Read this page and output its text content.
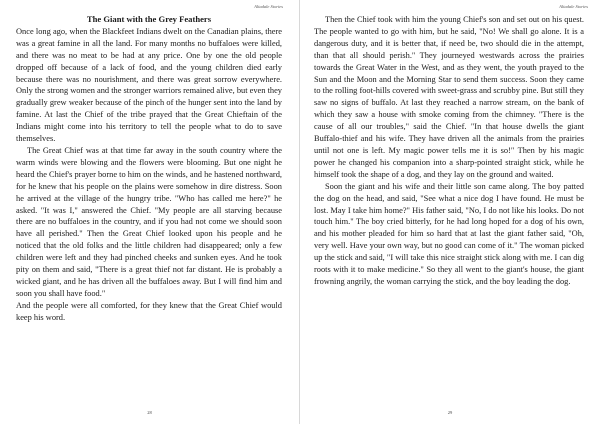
Aliadale Stories

The Giant with the Grey Feathers

Once long ago, when the Blackfeet Indians dwelt on the Canadian plains, there was a great famine in all the land. For many months no buffaloes were killed, and there was no meat to be had at any price. One by one the old people dropped off because of a lack of food, and the young children died early because there was no nourishment, and there was great sorrow everywhere. Only the strong women and the stronger warriors remained alive, but even they gradually grew weaker because of the pinch of the hunger sent into the land by famine. At last the Chief of the tribe prayed that the Great Chieftain of the Indians might come into his territory to tell the people what to do to save themselves.

The Great Chief was at that time far away in the south country where the warm winds were blowing and the flowers were blooming. But one night he heard the Chief's prayer borne to him on the winds, and he hastened northward, for he knew that his people on the plains were somehow in dire distress. Soon he arrived at the village of the hungry tribe. "Who has called me here?" he asked. "It was I," answered the Chief. "My people are all starving because there are no buffaloes in the country, and if you had not come we should soon have all perished." Then the Great Chief looked upon his people and he noticed that the old folks and the little children had disappeared; only a few children were left and they had pinched cheeks and sunken eyes. And he took pity on them and said, "There is a great thief not far distant. He is probably a wicked giant, and he has driven all the buffaloes away. But I will find him and soon you shall have food."

And the people were all comforted, for they knew that the Great Chief would keep his word.

28
Aliadale Stories

Then the Chief took with him the young Chief's son and set out on his quest. The people wanted to go with him, but he said, "No! We shall go alone. It is a dangerous duty, and it is better that, if need be, two should die in the attempt, than that all should perish." They journeyed westwards across the prairies towards the Great Water in the West, and as they went, the youth prayed to the Sun and the Moon and the Morning Star to send them success. Soon they came to the rolling foot-hills covered with sweet-grass and scrubby pine. But still they saw no signs of buffalo. At last they reached a narrow stream, on the bank of which they saw a house with smoke coming from the chimney. "There is the cause of all our troubles," said the Chief. "In that house dwells the giant Buffalo-thief and his wife. They have driven all the animals from the prairies until not one is left. My magic power tells me it is so!" Then by his magic power he changed his companion into a sharp-pointed straight stick, while he himself took the shape of a dog, and they lay on the ground and waited.

Soon the giant and his wife and their little son came along. The boy patted the dog on the head, and said, "See what a nice dog I have found. He must be lost. May I take him home?" His father said, "No, I do not like his looks. Do not touch him." The boy cried bitterly, for he had long hoped for a dog of his own, and his mother pleaded for him so hard that at last the giant father said, "Oh, very well. Have your own way, but no good can come of it." The woman picked up the stick and said, "I will take this nice straight stick along with me. I can dig roots with it to make medicine." So they all went to the giant's house, the giant frowning angrily, the woman carrying the stick, and the boy leading the dog.

29
